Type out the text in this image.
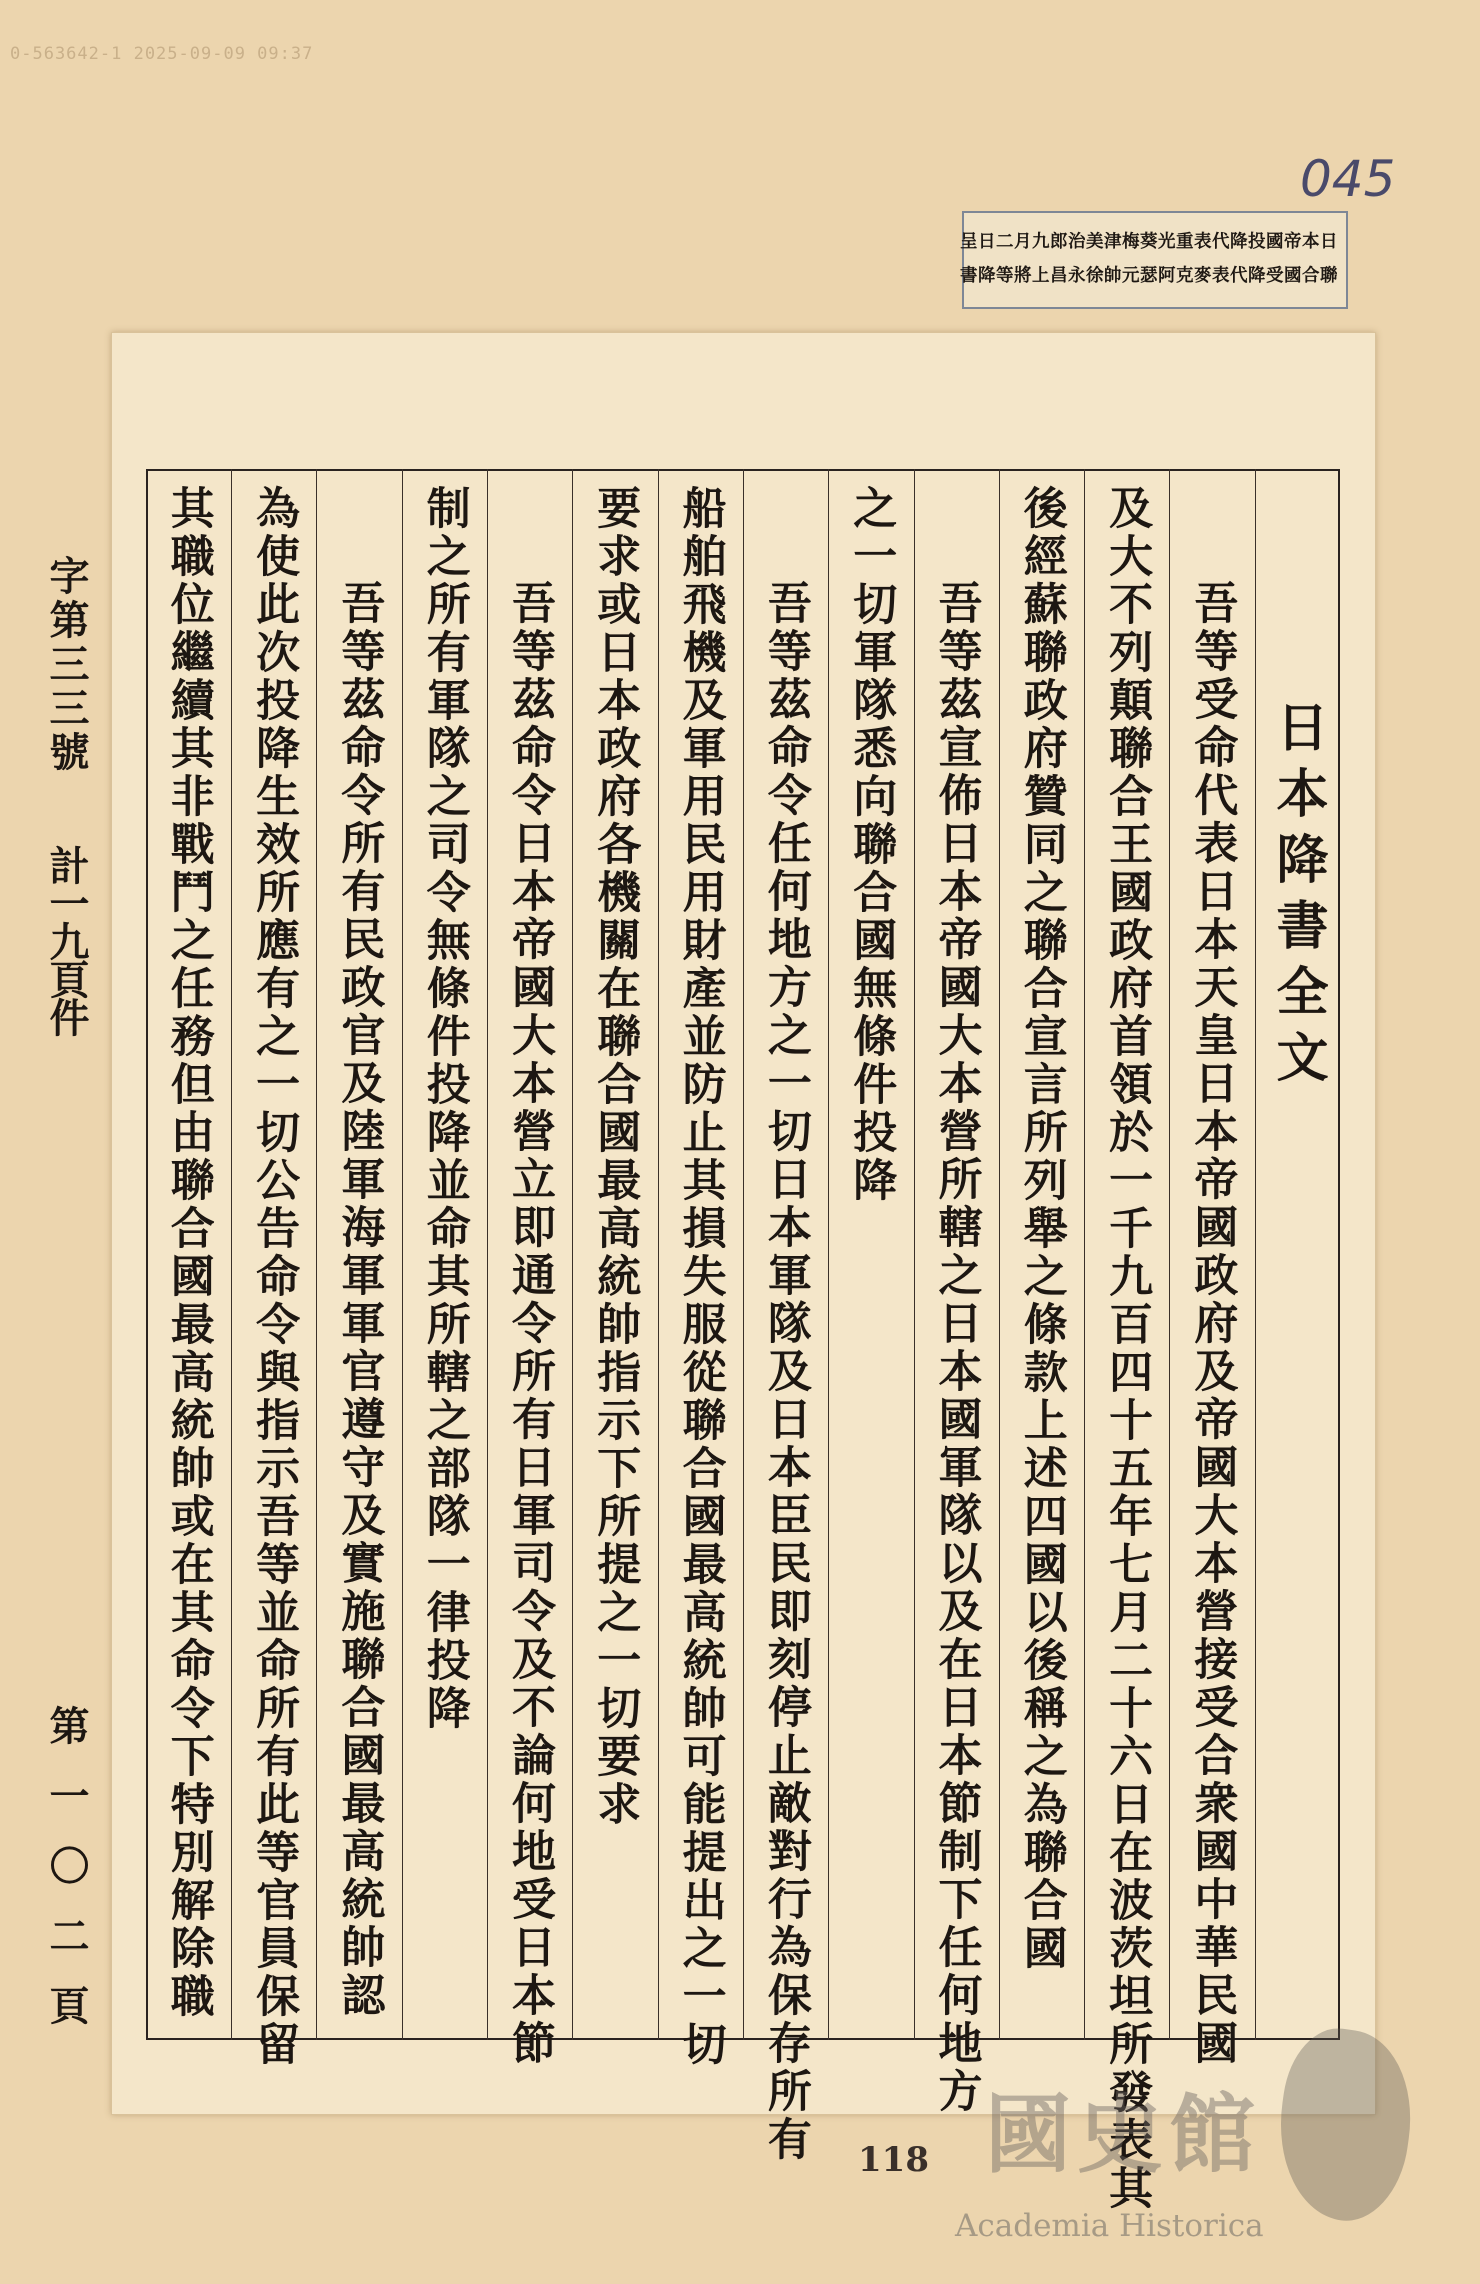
0-563642-1 2025-09-09 09:37
045
日本帝國投降代表重光葵梅津美治郎九月二日呈
聯合國受降代表麥克阿瑟元帥徐永昌上將等降書
日本降書全文
吾等受命代表日本天皇日本帝國政府及帝國大本營接受合衆國中華民國
及大不列顛聯合王國政府首領於一千九百四十五年七月二十六日在波茨坦所發表其
後經蘇聯政府贊同之聯合宣言所列舉之條款上述四國以後稱之為聯合國
吾等茲宣佈日本帝國大本營所轄之日本國軍隊以及在日本節制下任何地方
之一切軍隊悉向聯合國無條件投降
吾等茲命令任何地方之一切日本軍隊及日本臣民即刻停止敵對行為保存所有
船舶飛機及軍用民用財產並防止其損失服從聯合國最高統帥可能提出之一切
要求或日本政府各機關在聯合國最高統帥指示下所提之一切要求
吾等茲命令日本帝國大本營立即通令所有日軍司令及不論何地受日本節
制之所有軍隊之司令無條件投降並命其所轄之部隊一律投降
吾等茲命令所有民政官及陸軍海軍軍官遵守及實施聯合國最高統帥認
為使此次投降生效所應有之一切公告命令與指示吾等並命所有此等官員保留
其職位繼續其非戰鬥之任務但由聯合國最高統帥或在其命令下特別解除職
字第三三號
計一九頁件
第一〇二頁
118 國史館
Academia Historica
